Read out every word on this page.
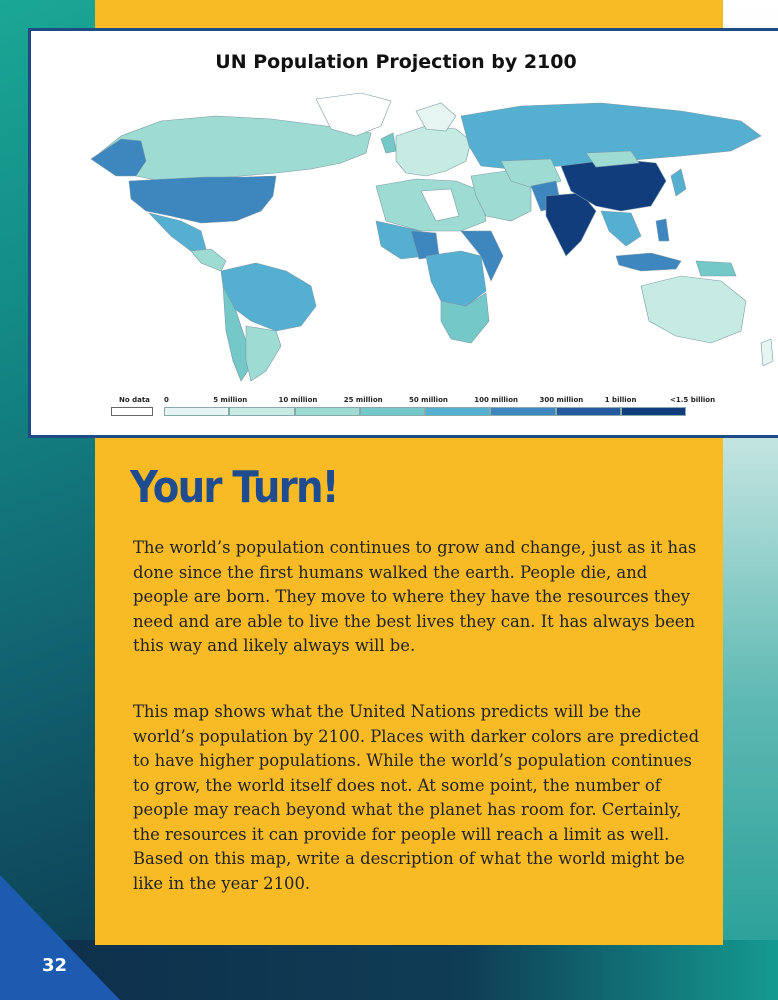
UN Population Projection by 2100
No data 0	5 million	10 million	25 million	50 million	100 million	300 million	1 billion	<1.5 billion
Your Turn!

The world’s population continues to grow and change, just as it has done since the first humans walked the earth. People die, and people are born. They move to where they have the resources they need and are able to live the best lives they can. It has always been this way and likely always will be.

This map shows what the United Nations predicts will be the world’s population by 2100. Places with darker colors are predicted to have higher populations. While the world’s population continues to grow, the world itself does not. At some point, the number of people may reach beyond what the planet has room for. Certainly, the resources it can provide for people will reach a limit as well. Based on this map, write a description of what the world might be like in the year 2100.

32
